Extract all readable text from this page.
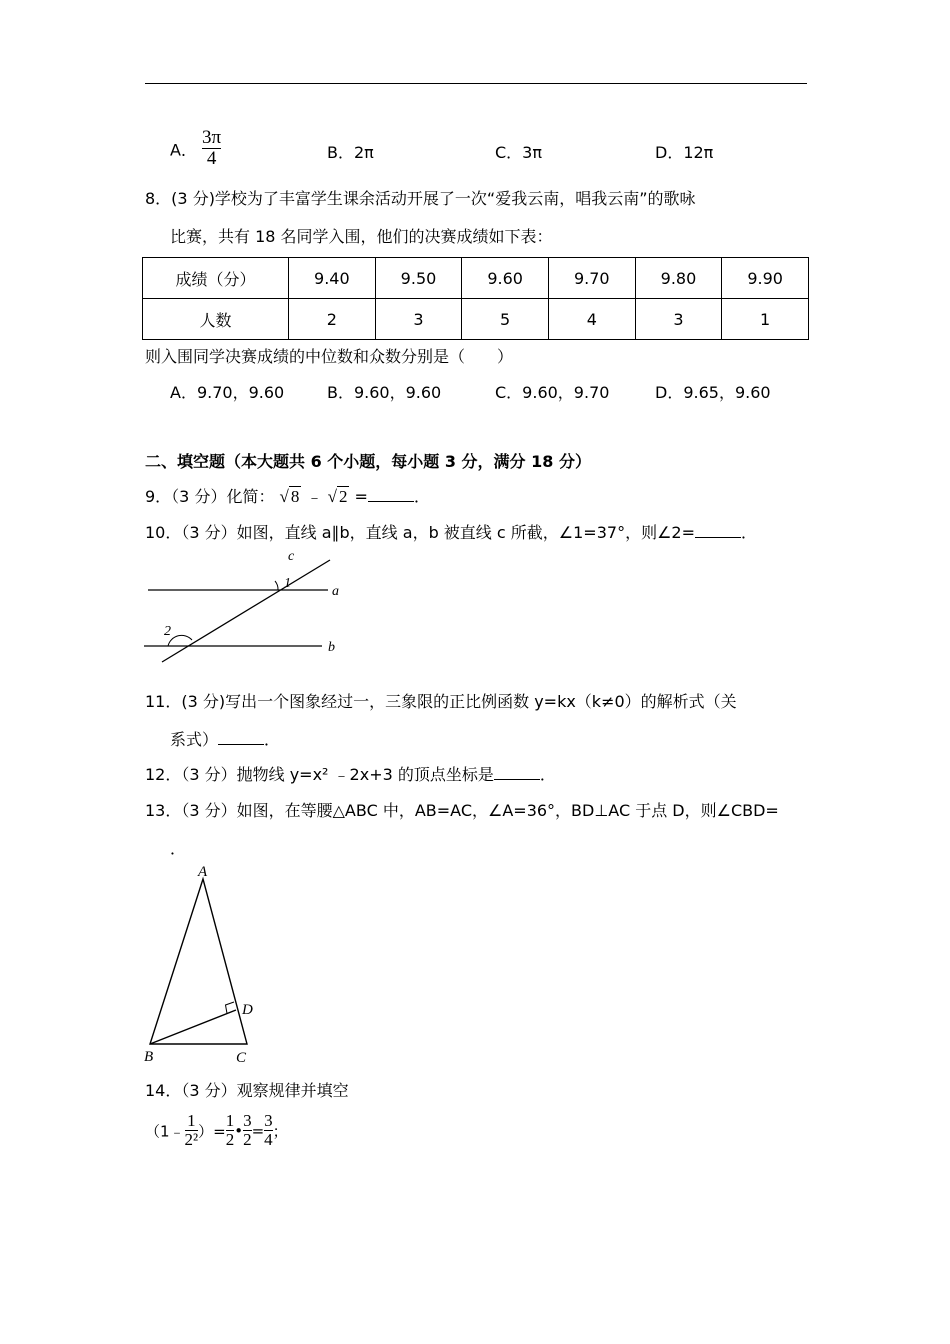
A． $\frac{3\pi}{4}$	B．2π	C．3π	D．12π
8．(3 分)学校为了丰富学生课余活动开展了一次“爱我云南，唱我云南”的歌咏
比赛，共有 18 名同学入围，他们的决赛成绩如下表：
成绩（分）	9.40	9.50	9.60	9.70	9.80	9.90
人数	2	3	5	4	3	1
则入围同学决赛成绩的中位数和众数分别是（　　）
A．9.70，9.60	B．9.60，9.60	C．9.60，9.70	D．9.65，9.60
二、填空题（本大题共 6 个小题，每小题 3 分，满分 18 分）
9．（3 分）化简： √ 8 ﹣ √ 2 =	．
10．（3 分）如图，直线 a∥b，直线 a，b 被直线 c 所截，∠1=37°，则∠2=	．
c
1
a
2
b
11．(3 分)写出一个图象经过一，三象限的正比例函数 y=kx（k≠0）的解析式（关
系式）	．
12．（3 分）抛物线 y=x² ﹣2x+3 的顶点坐标是	．
13．（3 分）如图，在等腰△ABC 中，AB=AC，∠A=36°，BD⊥AC 于点 D，则∠CBD=
．
A
B	C
D
14．（3 分）观察规律并填空
（1﹣ $\frac{1}{\text{2²}}$ ）= $\frac{1}{2}$ • $\frac{3}{2} = \frac{3}{4}$ ；
